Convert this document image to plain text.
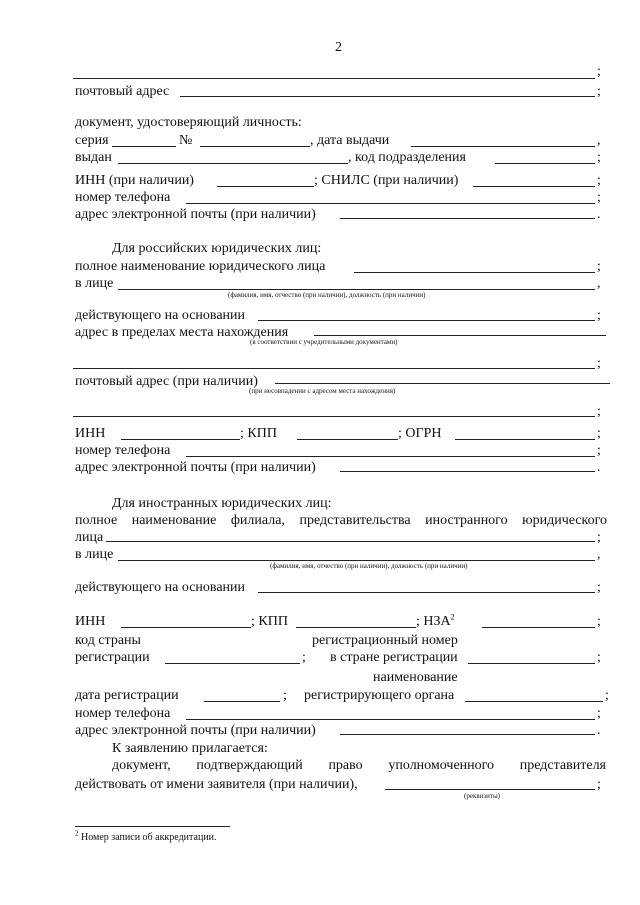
2
;
почтовый адрес	;
документ, удостоверяющий личность:
серия	№	, дата выдачи	,
выдан	, код подразделения	;
ИНН (при наличии)	; СНИЛС (при наличии)	;
номер телефона	;
адрес электронной почты (при наличии)	.
Для российских юридических лиц:
полное наименование юридического лица	;
в лице	,
(фамилия, имя, отчество (при наличии), должность (при наличии)
действующего на основании	;
адрес в пределах места нахождения
(в соответствии с учредительными документами)
;
почтовый адрес (при наличии)
(при несовпадении с адресом места нахождения)
;
ИНН	; КПП	; ОГРН	;
номер телефона	;
адрес электронной почты (при наличии)	.
Для иностранных юридических лиц:
полное наименование филиала, представительства иностранного юридического
лица	;
в лице	,
(фамилия, имя, отчество (при наличии), должность (при наличии)
действующего на основании	;
ИНН	; КПП	; НЗА$^2$	;
код страны	регистрационный номер
регистрации	; в стране регистрации	;
наименование
дата регистрации	; регистрирующего органа	;
номер телефона	;
адрес электронной почты (при наличии)	.
К заявлению прилагается:
документ, подтверждающий право уполномоченного представителя
действовать от имени заявителя (при наличии),	;
(реквизиты)
$^2$ Номер записи об аккредитации.
